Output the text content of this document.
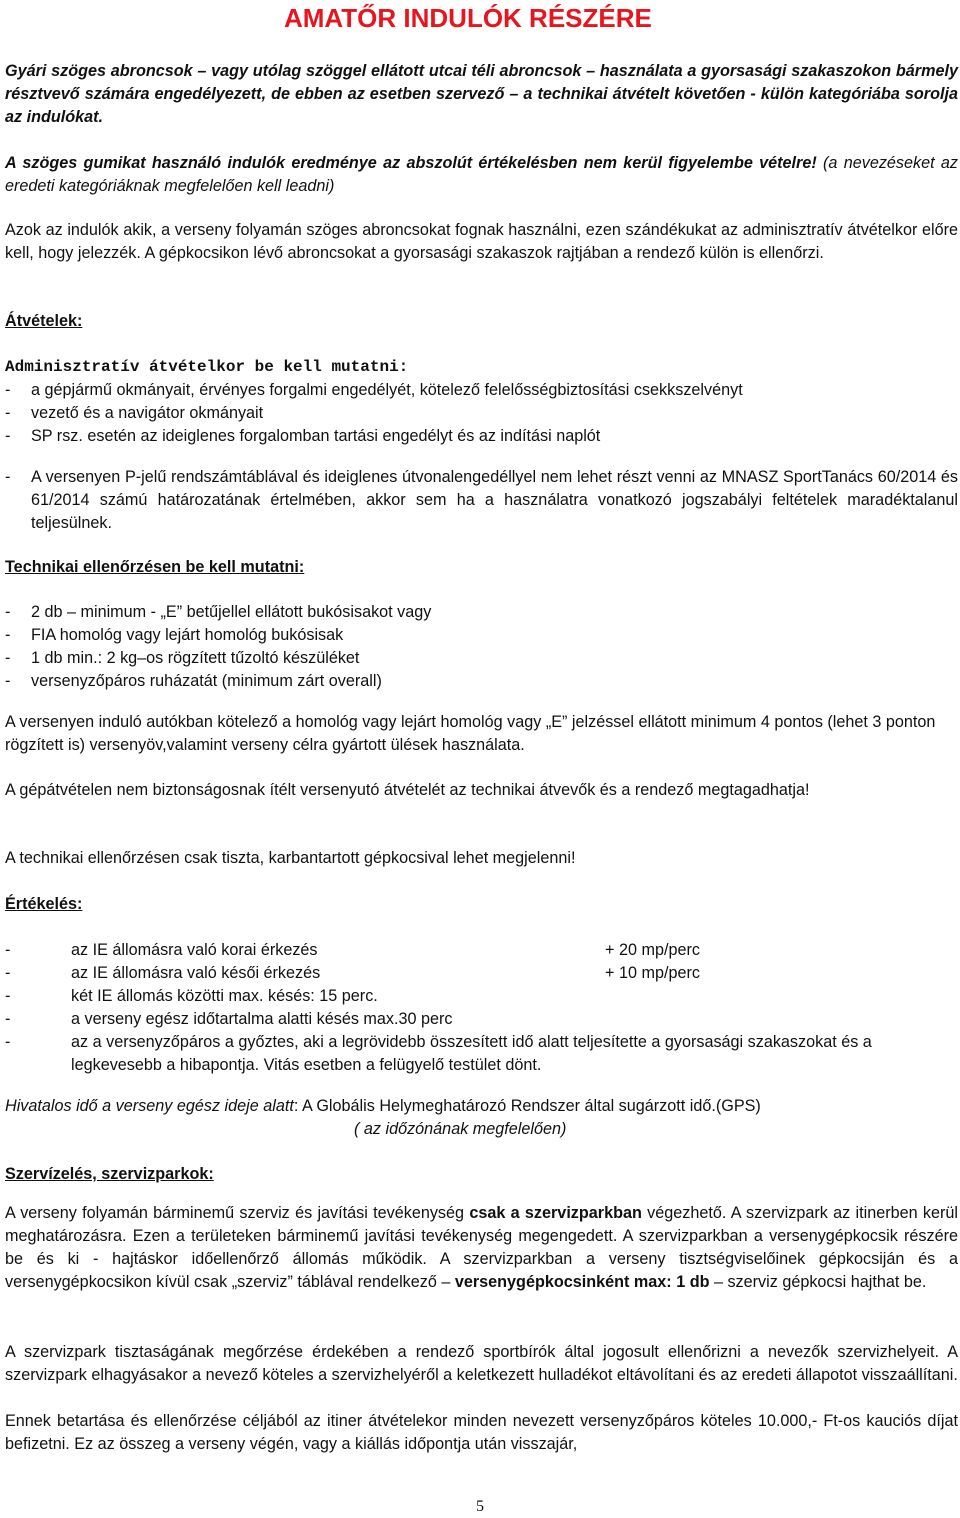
AMATŐR INDULÓK RÉSZÉRE
Gyári szöges abroncsok – vagy utólag szöggel ellátott utcai téli abroncsok – használata a gyorsasági szakaszokon bármely résztvevő számára engedélyezett, de ebben az esetben szervező – a technikai átvételt követően - külön kategóriába sorolja az indulókat.
A szöges gumikat használó indulók eredménye az abszolút értékelésben nem kerül figyelembe vételre! (a nevezéseket az eredeti kategóriáknak megfelelően kell leadni)
Azok az indulók akik, a verseny folyamán szöges abroncsokat fognak használni, ezen szándékukat az adminisztratív átvételkor előre kell, hogy jelezzék. A gépkocsikon lévő abroncsokat a gyorsasági szakaszok rajtjában a rendező külön is ellenőrzi.
Átvételek:
Adminisztratív átvételkor be kell mutatni:
-	a gépjármű okmányait, érvényes forgalmi engedélyét, kötelező felelősségbiztosítási csekkszelvényt
-	vezető és a navigátor okmányait
-	SP rsz. esetén az ideiglenes forgalomban tartási engedélyt és az indítási naplót
-	A versenyen P-jelű rendszámtáblával és ideiglenes útvonalengedéllyel nem lehet részt venni az MNASZ SportTanács 60/2014 és 61/2014 számú határozatának értelmében, akkor sem ha a használatra vonatkozó jogszabályi feltételek maradéktalanul teljesülnek.
Technikai ellenőrzésen be kell mutatni:
-	2 db – minimum - „E” betűjellel ellátott bukósisakot vagy
-	FIA homológ vagy lejárt homológ bukósisak
-	1 db min.: 2 kg–os rögzített tűzoltó készüléket
-	versenyzőpáros ruházatát (minimum zárt overall)
A versenyen induló autókban kötelező a homológ vagy lejárt homológ vagy „E” jelzéssel ellátott minimum 4 pontos (lehet 3 ponton rögzített is) versenyöv,valamint verseny célra gyártott ülések használata.
A gépátvételen nem biztonságosnak ítélt versenyutó átvételét az technikai átvevők és a rendező megtagadhatja!
A technikai ellenőrzésen csak tiszta, karbantartott gépkocsival lehet megjelenni!
Értékelés:
-	az IE állomásra való korai érkezés	+ 20 mp/perc
-	az IE állomásra való késői érkezés	+ 10 mp/perc
-	két IE állomás közötti max. késés: 15 perc.
-	a verseny egész időtartalma alatti késés max.30 perc
-	az a versenyzőpáros a győztes, aki a legrövidebb összesített idő alatt teljesítette a gyorsasági szakaszokat és a legkevesebb a hibapontja. Vitás esetben a felügyelő testület dönt.
Hivatalos idő a verseny egész ideje alatt: A Globális Helymeghatározó Rendszer által sugárzott idő.(GPS)
( az időzónának megfelelően)
Szervízelés, szervizparkok:
A verseny folyamán bárminemű szerviz és javítási tevékenység csak a szervizparkban végezhető. A szervizpark az itinerben kerül meghatározásra. Ezen a területeken bárminemű javítási tevékenység megengedett. A szervizparkban a versenygépkocsik részére be és ki - hajtáskor időellenőrző állomás működik. A szervizparkban a verseny tisztségviselőinek gépkocsiján és a versenygépkocsikon kívül csak „szerviz” táblával rendelkező – versenygépkocsinként max: 1 db – szerviz gépkocsi hajthat be.
A szervizpark tisztaságának megőrzése érdekében a rendező sportbírók által jogosult ellenőrizni a nevezők szervizhelyeit. A szervizpark elhagyásakor a nevező köteles a szervizhelyéről a keletkezett hulladékot eltávolítani és az eredeti állapotot visszaállítani.
Ennek betartása és ellenőrzése céljából az itiner átvételekor minden nevezett versenyzőpáros köteles 10.000,- Ft-os kauciós díjat befizetni. Ez az összeg a verseny végén, vagy a kiállás időpontja után visszajár,
5
